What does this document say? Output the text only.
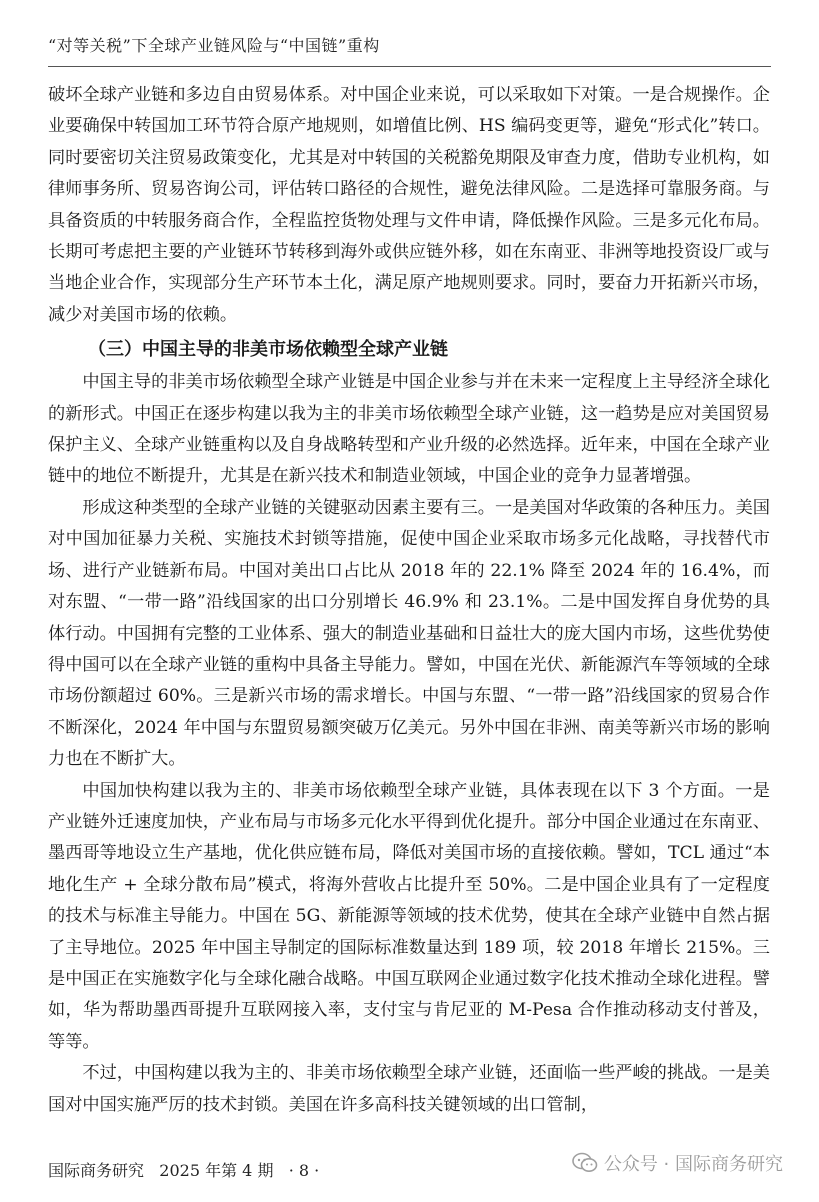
“对等关税”下全球产业链风险与“中国链”重构

破坏全球产业链和多边自由贸易体系。对中国企业来说，可以采取如下对策。一是合规操作。企业要确保中转国加工环节符合原产地规则，如增值比例、HS 编码变更等，避免“形式化”转口。同时要密切关注贸易政策变化，尤其是对中转国的关税豁免期限及审查力度，借助专业机构，如律师事务所、贸易咨询公司，评估转口路径的合规性，避免法律风险。二是选择可靠服务商。与具备资质的中转服务商合作，全程监控货物处理与文件申请，降低操作风险。三是多元化布局。长期可考虑把主要的产业链环节转移到海外或供应链外移，如在东南亚、非洲等地投资设厂或与当地企业合作，实现部分生产环节本土化，满足原产地规则要求。同时，要奋力开拓新兴市场，减少对美国市场的依赖。

（三）中国主导的非美市场依赖型全球产业链

中国主导的非美市场依赖型全球产业链是中国企业参与并在未来一定程度上主导经济全球化的新形式。中国正在逐步构建以我为主的非美市场依赖型全球产业链，这一趋势是应对美国贸易保护主义、全球产业链重构以及自身战略转型和产业升级的必然选择。近年来，中国在全球产业链中的地位不断提升，尤其是在新兴技术和制造业领域，中国企业的竞争力显著增强。

形成这种类型的全球产业链的关键驱动因素主要有三。一是美国对华政策的各种压力。美国对中国加征暴力关税、实施技术封锁等措施，促使中国企业采取市场多元化战略，寻找替代市场、进行产业链新布局。中国对美出口占比从 2018 年的 22.1% 降至 2024 年的 16.4%，而对东盟、“一带一路”沿线国家的出口分别增长 46.9% 和 23.1%。二是中国发挥自身优势的具体行动。中国拥有完整的工业体系、强大的制造业基础和日益壮大的庞大国内市场，这些优势使得中国可以在全球产业链的重构中具备主导能力。譬如，中国在光伏、新能源汽车等领域的全球市场份额超过 60%。三是新兴市场的需求增长。中国与东盟、“一带一路”沿线国家的贸易合作不断深化，2024 年中国与东盟贸易额突破万亿美元。另外中国在非洲、南美等新兴市场的影响力也在不断扩大。

中国加快构建以我为主的、非美市场依赖型全球产业链，具体表现在以下 3 个方面。一是产业链外迁速度加快，产业布局与市场多元化水平得到优化提升。部分中国企业通过在东南亚、墨西哥等地设立生产基地，优化供应链布局，降低对美国市场的直接依赖。譬如，TCL 通过“本地化生产 + 全球分散布局”模式，将海外营收占比提升至 50%。二是中国企业具有了一定程度的技术与标准主导能力。中国在 5G、新能源等领域的技术优势，使其在全球产业链中自然占据了主导地位。2025 年中国主导制定的国际标准数量达到 189 项，较 2018 年增长 215%。三是中国正在实施数字化与全球化融合战略。中国互联网企业通过数字化技术推动全球化进程。譬如，华为帮助墨西哥提升互联网接入率，支付宝与肯尼亚的 M-Pesa 合作推动移动支付普及，等等。

不过，中国构建以我为主的、非美市场依赖型全球产业链，还面临一些严峻的挑战。一是美国对中国实施严厉的技术封锁。美国在许多高科技关键领域的出口管制，

国际商务研究 2025 年第 4 期 · 8 ·	公众号 · 国际商务研究
